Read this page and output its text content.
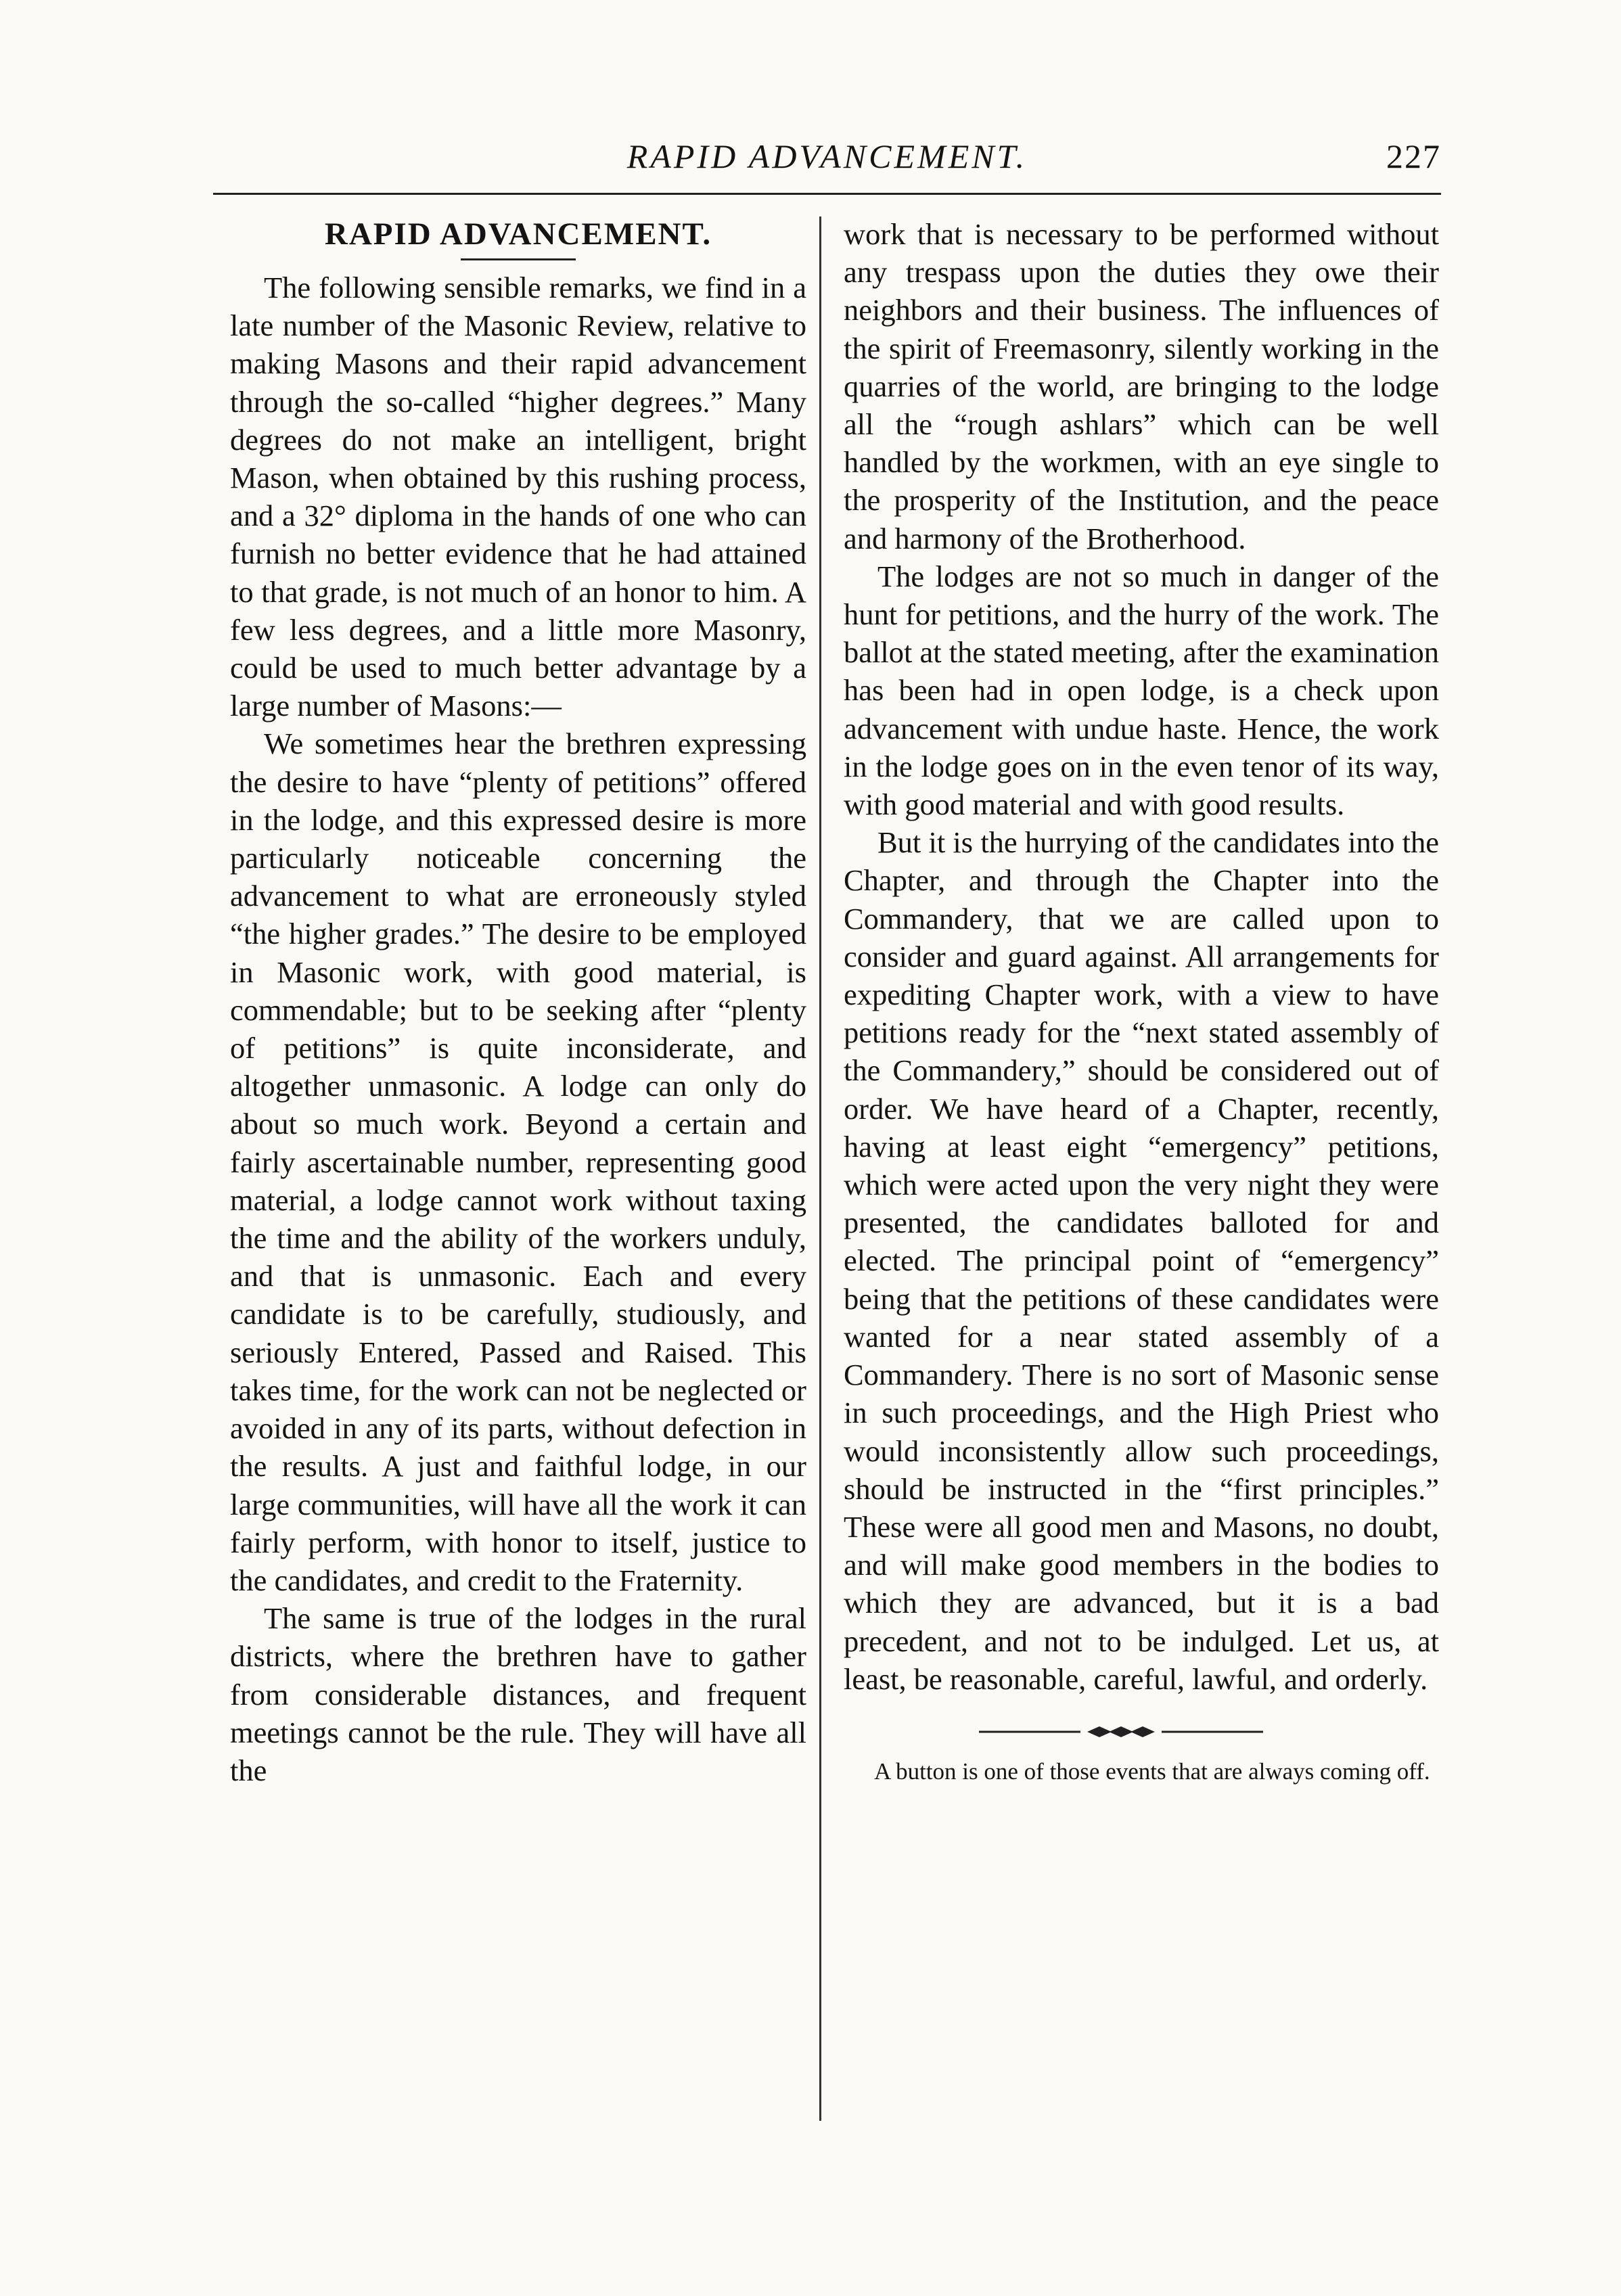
RAPID ADVANCEMENT.	227
RAPID ADVANCEMENT.

The following sensible remarks, we find in a late number of the Masonic Review, relative to making Masons and their rapid advancement through the so-called “higher degrees.” Many degrees do not make an intelligent, bright Mason, when obtained by this rushing process, and a 32° diploma in the hands of one who can furnish no better evidence that he had attained to that grade, is not much of an honor to him. A few less degrees, and a little more Masonry, could be used to much better advantage by a large number of Masons:—

We sometimes hear the brethren expressing the desire to have “plenty of petitions” offered in the lodge, and this expressed desire is more particularly noticeable concerning the advancement to what are erroneously styled “the higher grades.” The desire to be employed in Masonic work, with good material, is commendable; but to be seeking after “plenty of petitions” is quite inconsiderate, and altogether unmasonic. A lodge can only do about so much work. Beyond a certain and fairly ascertainable number, representing good material, a lodge cannot work without taxing the time and the ability of the workers unduly, and that is unmasonic. Each and every candidate is to be carefully, studiously, and seriously Entered, Passed and Raised. This takes time, for the work can not be neglected or avoided in any of its parts, without defection in the results. A just and faithful lodge, in our large communities, will have all the work it can fairly perform, with honor to itself, justice to the candidates, and credit to the Fraternity.

The same is true of the lodges in the rural districts, where the brethren have to gather from considerable distances, and frequent meetings cannot be the rule. They will have all the

work that is necessary to be performed without any trespass upon the duties they owe their neighbors and their business. The influences of the spirit of Freemasonry, silently working in the quarries of the world, are bringing to the lodge all the “rough ashlars” which can be well handled by the workmen, with an eye single to the prosperity of the Institution, and the peace and harmony of the Brotherhood.

The lodges are not so much in danger of the hunt for petitions, and the hurry of the work. The ballot at the stated meeting, after the examination has been had in open lodge, is a check upon advancement with undue haste. Hence, the work in the lodge goes on in the even tenor of its way, with good material and with good results.

But it is the hurrying of the candidates into the Chapter, and through the Chapter into the Commandery, that we are called upon to consider and guard against. All arrangements for expediting Chapter work, with a view to have petitions ready for the “next stated assembly of the Commandery,” should be considered out of order. We have heard of a Chapter, recently, having at least eight “emergency” petitions, which were acted upon the very night they were presented, the candidates balloted for and elected. The principal point of “emergency” being that the petitions of these candidates were wanted for a near stated assembly of a Commandery. There is no sort of Masonic sense in such proceedings, and the High Priest who would inconsistently allow such proceedings, should be instructed in the “first principles.” These were all good men and Masons, no doubt, and will make good members in the bodies to which they are advanced, but it is a bad precedent, and not to be indulged. Let us, at least, be reasonable, careful, lawful, and orderly.

A button is one of those events that are always coming off.
